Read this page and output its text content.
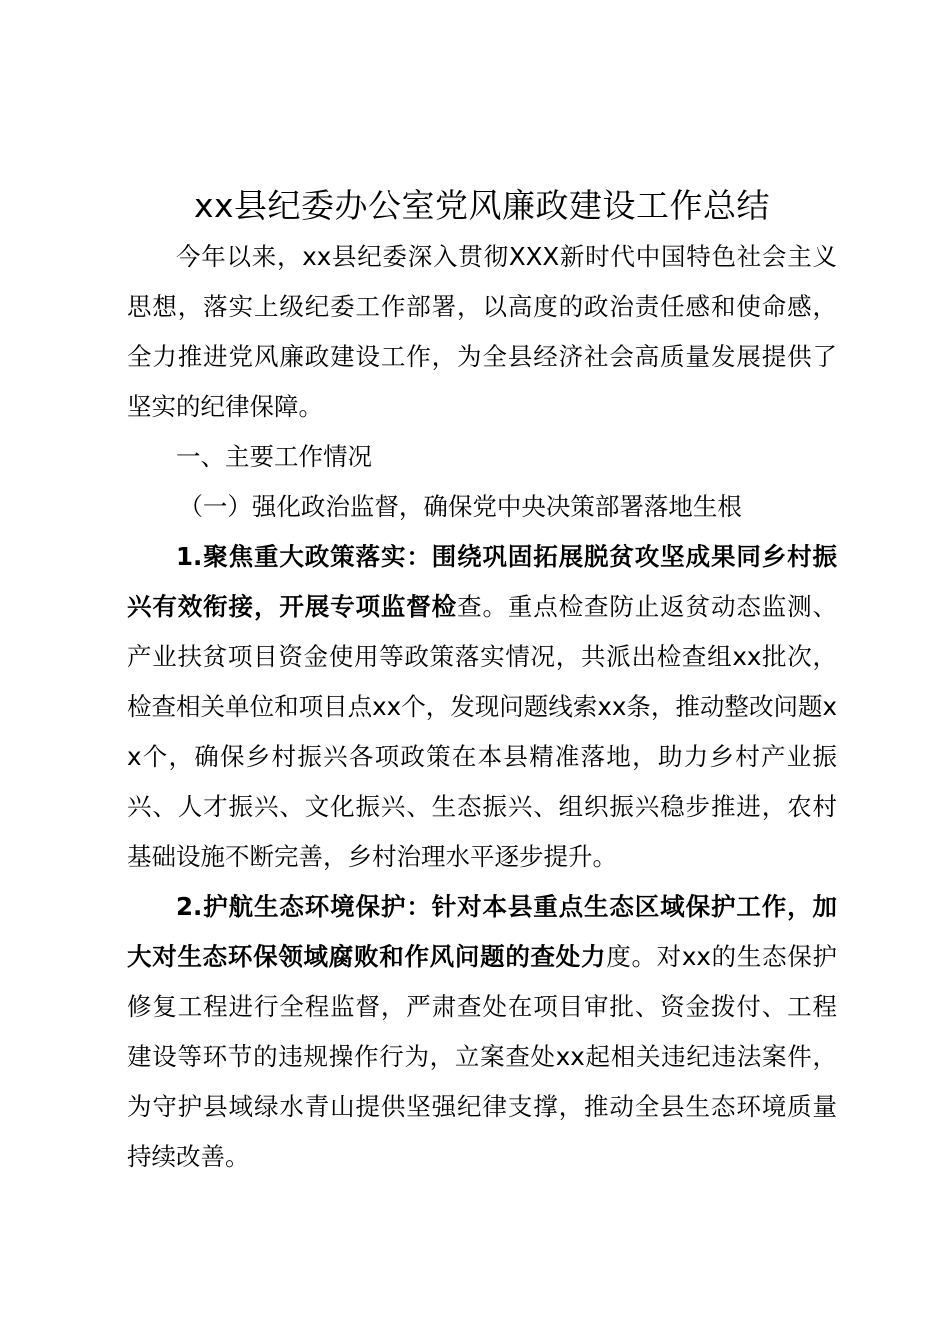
xx县纪委办公室党风廉政建设工作总结

今年以来，xx县纪委深入贯彻XXX新时代中国特色社会主义思想，落实上级纪委工作部署，以高度的政治责任感和使命感，全力推进党风廉政建设工作，为全县经济社会高质量发展提供了坚实的纪律保障。

一、主要工作情况

（一）强化政治监督，确保党中央决策部署落地生根

1.聚焦重大政策落实：围绕巩固拓展脱贫攻坚成果同乡村振兴有效衔接，开展专项监督检查。重点检查防止返贫动态监测、产业扶贫项目资金使用等政策落实情况，共派出检查组xx批次，检查相关单位和项目点xx个，发现问题线索xx条，推动整改问题xx个，确保乡村振兴各项政策在本县精准落地，助力乡村产业振兴、人才振兴、文化振兴、生态振兴、组织振兴稳步推进，农村基础设施不断完善，乡村治理水平逐步提升。

2.护航生态环境保护：针对本县重点生态区域保护工作，加大对生态环保领域腐败和作风问题的查处力度。对xx的生态保护修复工程进行全程监督，严肃查处在项目审批、资金拨付、工程建设等环节的违规操作行为，立案查处xx起相关违纪违法案件，为守护县域绿水青山提供坚强纪律支撑，推动全县生态环境质量持续改善。
